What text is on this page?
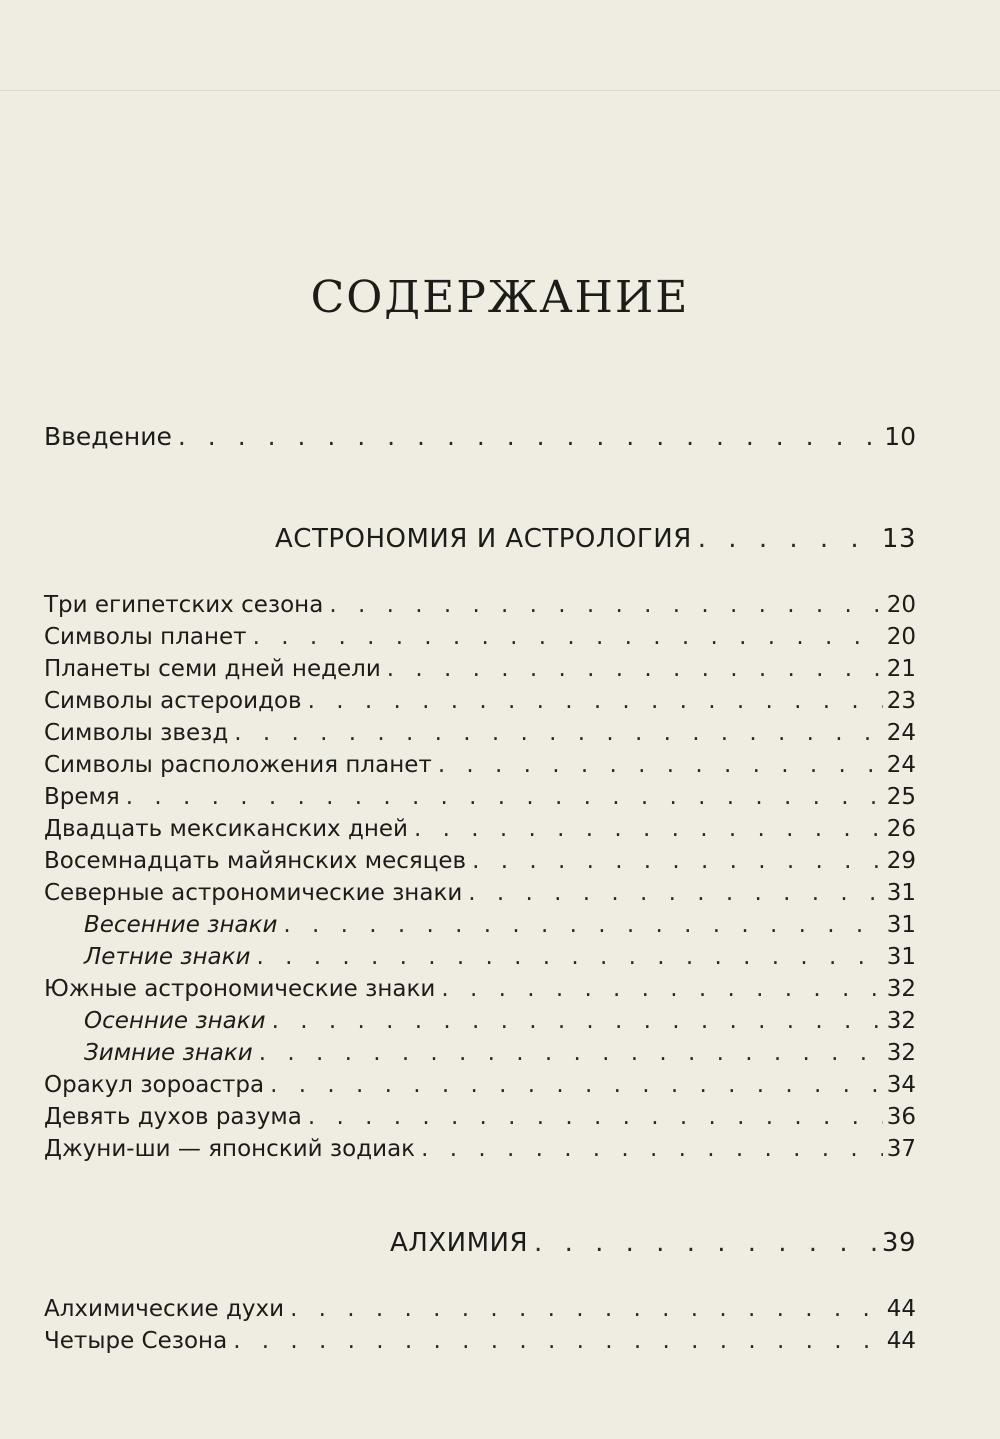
СОДЕРЖАНИЕ
Введение . . .	10
АСТРОНОМИЯ И АСТРОЛОГИЯ . . .	13
Три египетских сезона . . .	20
Символы планет . . .	20
Планеты семи дней недели . . .	21
Символы астероидов . . .	23
Символы звезд . . .	24
Символы расположения планет . . .	24
Время . . .	25
Двадцать мексиканских дней . . .	26
Восемнадцать майянских месяцев . . .	29
Северные астрономические знаки . . .	31
Весенние знаки . . .	31
Летние знаки . . .	31
Южные астрономические знаки . . .	32
Осенние знаки . . .	32
Зимние знаки . . .	32
Оракул зороастра . . .	34
Девять духов разума . . .	36
Джуни-ши — японский зодиак . . .	37
АЛХИМИЯ . . .	39
Алхимические духи . . .	44
Четыре Сезона . . .	44
